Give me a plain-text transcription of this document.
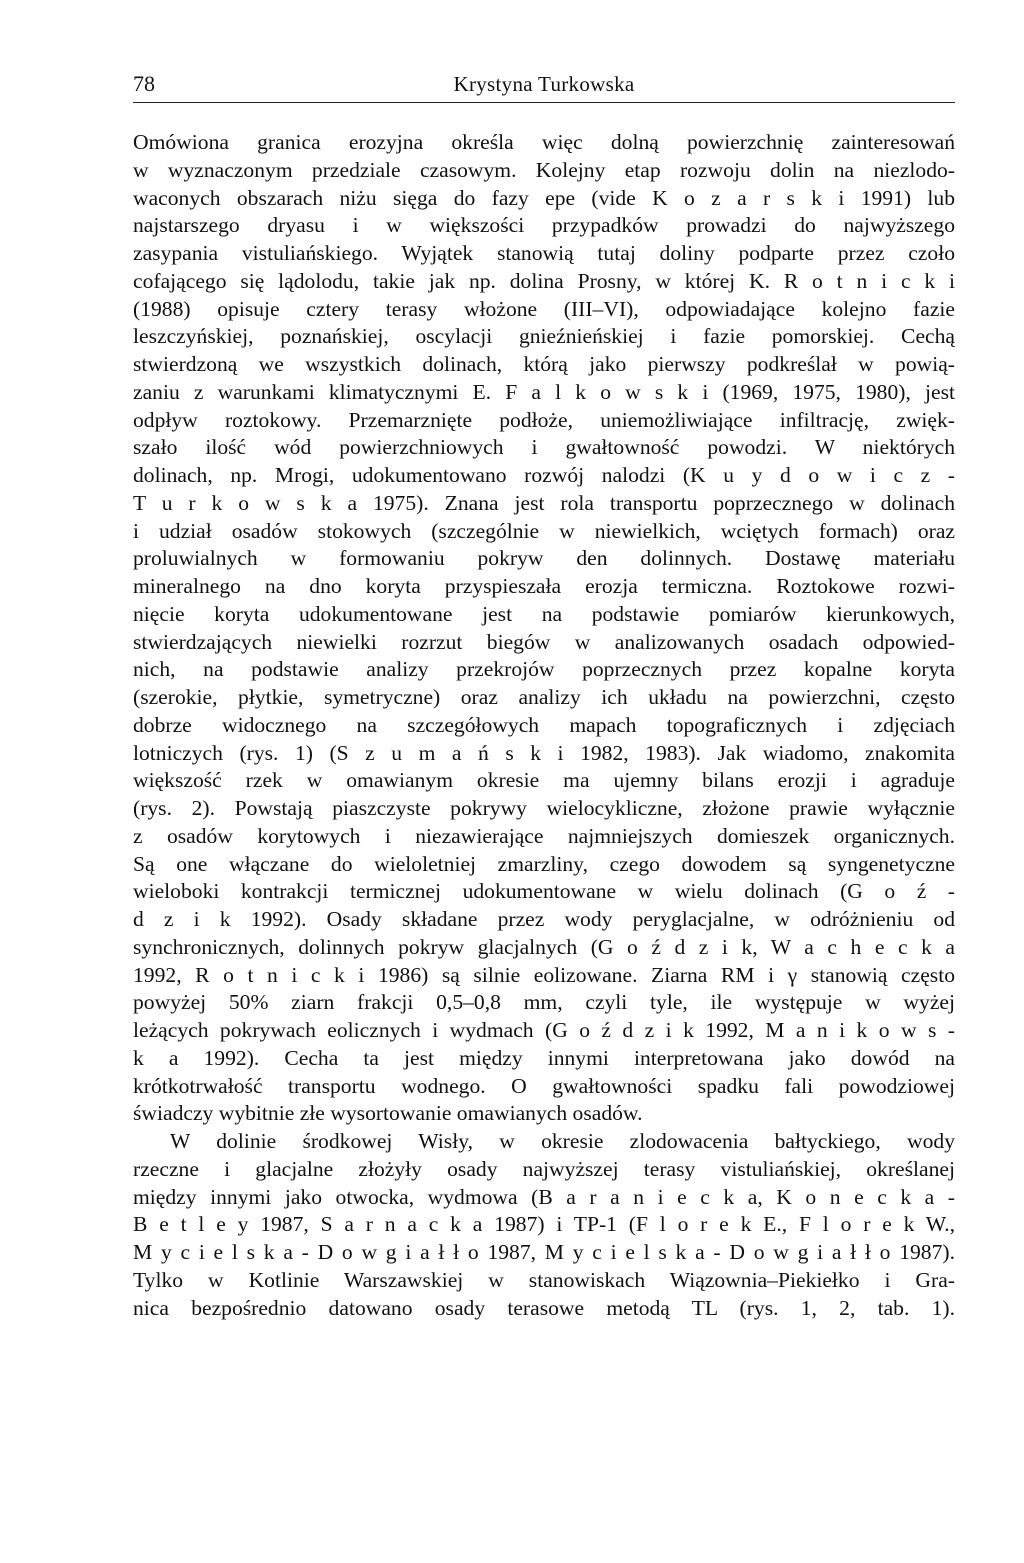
78	Krystyna Turkowska
Omówiona granica erozyjna określa więc dolną powierzchnię zainteresowań
w wyznaczonym przedziale czasowym. Kolejny etap rozwoju dolin na niezlodo-
waconych obszarach niżu sięga do fazy epe (vide K o z a r s k i 1991) lub
najstarszego dryasu i w większości przypadków prowadzi do najwyższego
zasypania vistuliańskiego. Wyjątek stanowią tutaj doliny podparte przez czoło
cofającego się lądolodu, takie jak np. dolina Prosny, w której K. R o t n i c k i
(1988) opisuje cztery terasy włożone (III–VI), odpowiadające kolejno fazie
leszczyńskiej, poznańskiej, oscylacji gnieźnieńskiej i fazie pomorskiej. Cechą
stwierdzoną we wszystkich dolinach, którą jako pierwszy podkreślał w powią-
zaniu z warunkami klimatycznymi E. F a l k o w s k i (1969, 1975, 1980), jest
odpływ roztokowy. Przemarznięte podłoże, uniemożliwiające infiltrację, zwięk-
szało ilość wód powierzchniowych i gwałtowność powodzi. W niektórych
dolinach, np. Mrogi, udokumentowano rozwój nalodzi (K u y d o w i c z -
T u r k o w s k a 1975). Znana jest rola transportu poprzecznego w dolinach
i udział osadów stokowych (szczególnie w niewielkich, wciętych formach) oraz
proluwialnych w formowaniu pokryw den dolinnych. Dostawę materiału
mineralnego na dno koryta przyspieszała erozja termiczna. Roztokowe rozwi-
nięcie koryta udokumentowane jest na podstawie pomiarów kierunkowych,
stwierdzających niewielki rozrzut biegów w analizowanych osadach odpowied-
nich, na podstawie analizy przekrojów poprzecznych przez kopalne koryta
(szerokie, płytkie, symetryczne) oraz analizy ich układu na powierzchni, często
dobrze widocznego na szczegółowych mapach topograficznych i zdjęciach
lotniczych (rys. 1) (S z u m a ń s k i 1982, 1983). Jak wiadomo, znakomita
większość rzek w omawianym okresie ma ujemny bilans erozji i agraduje
(rys. 2). Powstają piaszczyste pokrywy wielocykliczne, złożone prawie wyłącznie
z osadów korytowych i niezawierające najmniejszych domieszek organicznych.
Są one włączane do wieloletniej zmarzliny, czego dowodem są syngenetyczne
wieloboki kontrakcji termicznej udokumentowane w wielu dolinach (G o ź -
d z i k 1992). Osady składane przez wody peryglacjalne, w odróżnieniu od
synchronicznych, dolinnych pokryw glacjalnych (G o ź d z i k, W a c h e c k a
1992, R o t n i c k i 1986) są silnie eolizowane. Ziarna RM i γ stanowią często
powyżej 50% ziarn frakcji 0,5–0,8 mm, czyli tyle, ile występuje w wyżej
leżących pokrywach eolicznych i wydmach (G o ź d z i k 1992, M a n i k o w s -
k a 1992). Cecha ta jest między innymi interpretowana jako dowód na
krótkotrwałość transportu wodnego. O gwałtowności spadku fali powodziowej
świadczy wybitnie złe wysortowanie omawianych osadów.
W dolinie środkowej Wisły, w okresie zlodowacenia bałtyckiego, wody
rzeczne i glacjalne złożyły osady najwyższej terasy vistuliańskiej, określanej
między innymi jako otwocka, wydmowa (B a r a n i e c k a, K o n e c k a -
B e t l e y 1987, S a r n a c k a 1987) i TP-1 (F l o r e k E., F l o r e k W.,
M y c i e l s k a - D o w g i a ł ł o 1987, M y c i e l s k a - D o w g i a ł ł o 1987).
Tylko w Kotlinie Warszawskiej w stanowiskach Wiązownia–Piekiełko i Gra-
nica bezpośrednio datowano osady terasowe metodą TL (rys. 1, 2, tab. 1).
